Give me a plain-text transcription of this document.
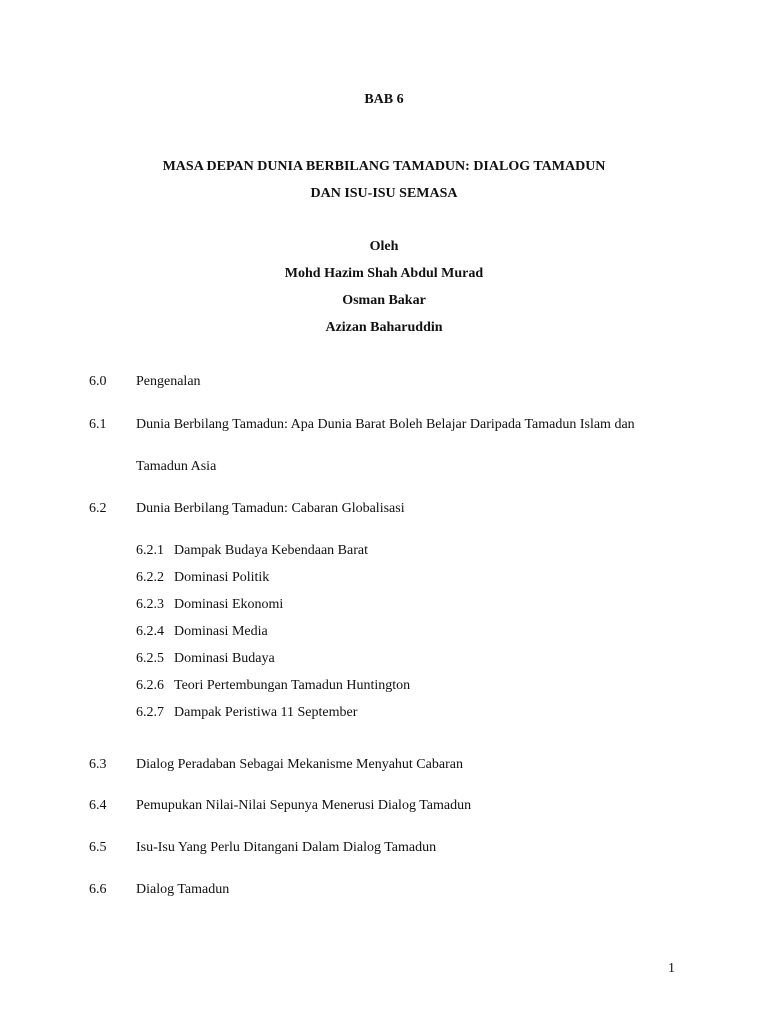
BAB 6
MASA DEPAN DUNIA BERBILANG TAMADUN: DIALOG TAMADUN
DAN ISU-ISU SEMASA
Oleh
Mohd Hazim Shah Abdul Murad
Osman Bakar
Azizan Baharuddin
6.0 Pengenalan
6.1 Dunia Berbilang Tamadun: Apa Dunia Barat Boleh Belajar Daripada Tamadun Islam dan
Tamadun Asia
6.2 Dunia Berbilang Tamadun: Cabaran Globalisasi
6.2.1 Dampak Budaya Kebendaan Barat
6.2.2 Dominasi Politik
6.2.3 Dominasi Ekonomi
6.2.4 Dominasi Media
6.2.5 Dominasi Budaya
6.2.6 Teori Pertembungan Tamadun Huntington
6.2.7 Dampak Peristiwa 11 September
6.3 Dialog Peradaban Sebagai Mekanisme Menyahut Cabaran
6.4 Pemupukan Nilai-Nilai Sepunya Menerusi Dialog Tamadun
6.5 Isu-Isu Yang Perlu Ditangani Dalam Dialog Tamadun
6.6 Dialog Tamadun
1
